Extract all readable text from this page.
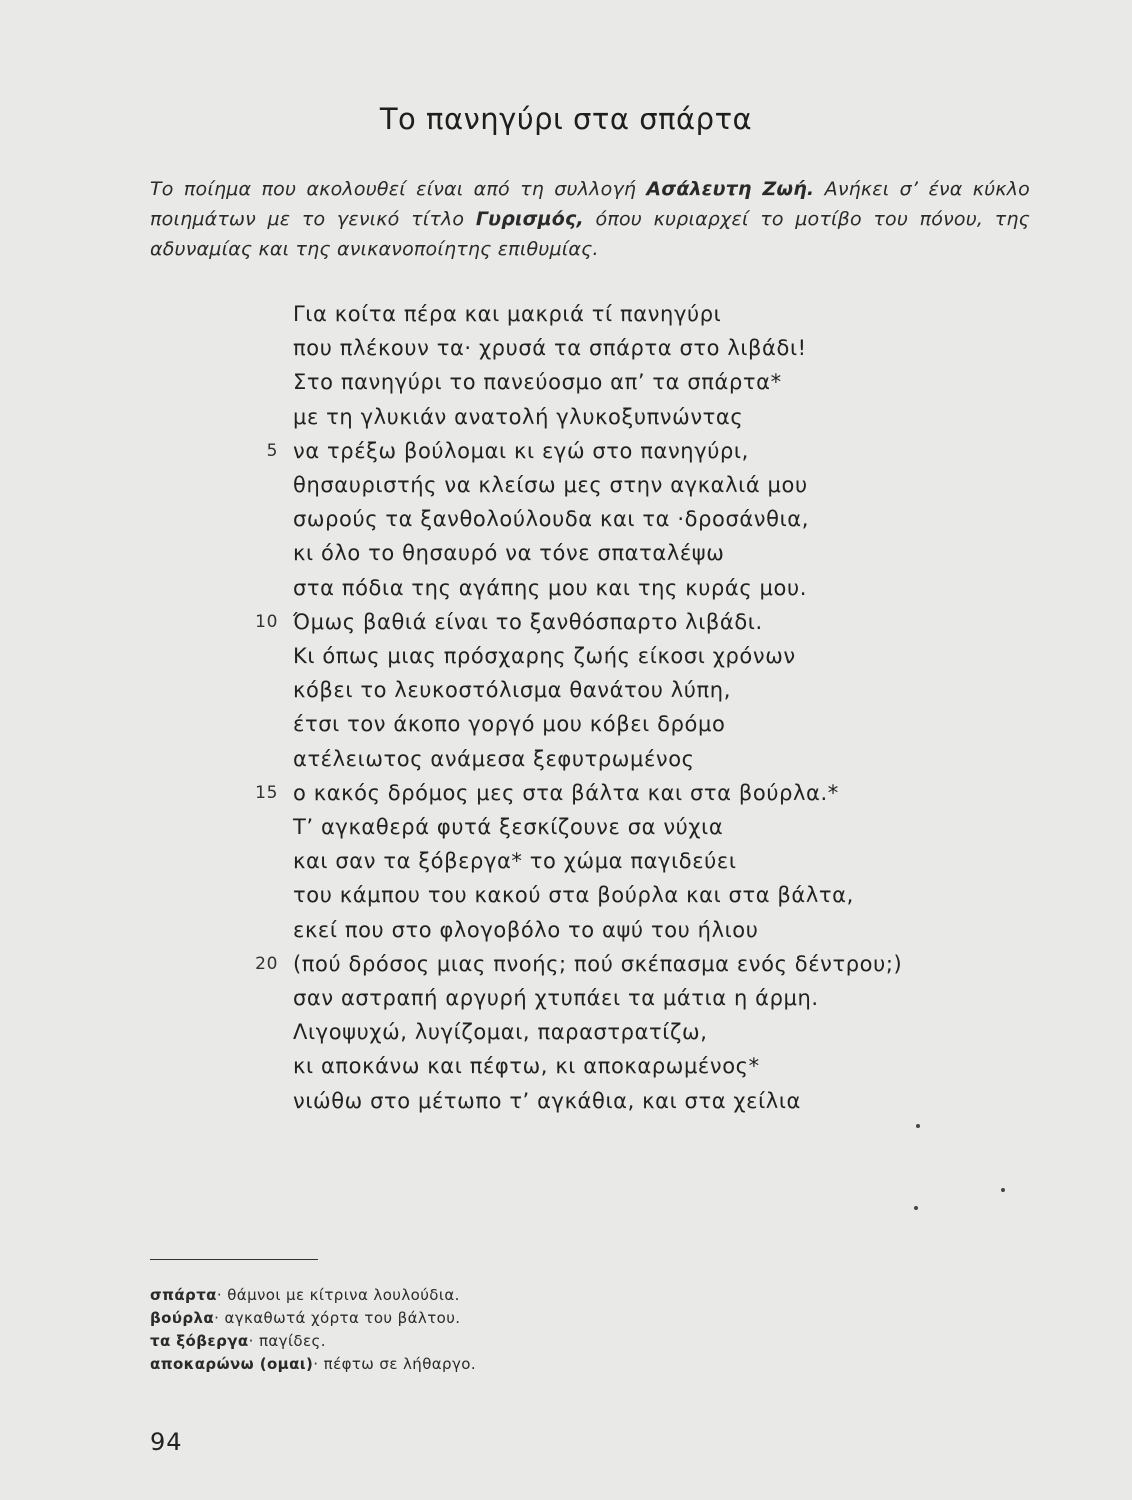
Το πανηγύρι στα σπάρτα
Το ποίημα που ακολουθεί είναι από τη συλλογή Ασάλευτη Ζωή. Ανήκει σ’ ένα κύκλο ποιημάτων με το γενικό τίτλο Γυρισμός, όπου κυριαρχεί το μοτίβο του πόνου, της αδυναμίας και της ανικανοποίητης επιθυμίας.
Για κοίτα πέρα και μακριά τί πανηγύρι
που πλέκουν τα· χρυσά τα σπάρτα στο λιβάδι!
Στο πανηγύρι το πανεύοσμο απ’ τα σπάρτα*
με τη γλυκιάν ανατολή γλυκοξυπνώντας
5 να τρέξω βούλομαι κι εγώ στο πανηγύρι,
θησαυριστής να κλείσω μες στην αγκαλιά μου
σωρούς τα ξανθολούλουδα και τα ·δροσάνθια,
κι όλο το θησαυρό να τόνε σπαταλέψω
στα πόδια της αγάπης μου και της κυράς μου.
10 Όμως βαθιά είναι το ξανθόσπαρτο λιβάδι.
Κι όπως μιας πρόσχαρης ζωής είκοσι χρόνων
κόβει το λευκοστόλισμα θανάτου λύπη,
έτσι τον άκοπο γοργό μου κόβει δρόμο
ατέλειωτος ανάμεσα ξεφυτρωμένος
15 ο κακός δρόμος μες στα βάλτα και στα βούρλα.*
Τ’ αγκαθερά φυτά ξεσκίζουνε σα νύχια
και σαν τα ξόβεργα* το χώμα παγιδεύει
του κάμπου του κακού στα βούρλα και στα βάλτα,
εκεί που στο φλογοβόλο το αψύ του ήλιου
20 (πού δρόσος μιας πνοής; πού σκέπασμα ενός δέντρου;)
σαν αστραπή αργυρή χτυπάει τα μάτια η άρμη.
Λιγοψυχώ, λυγίζομαι, παραστρατίζω,
κι αποκάνω και πέφτω, κι αποκαρωμένος*
νιώθω στο μέτωπο τ’ αγκάθια, και στα χείλια
σπάρτα· θάμνοι με κίτρινα λουλούδια.
βούρλα· αγκαθωτά χόρτα του βάλτου.
τα ξόβεργα· παγίδες.
αποκαρώνω (ομαι)· πέφτω σε λήθαργο.
94
